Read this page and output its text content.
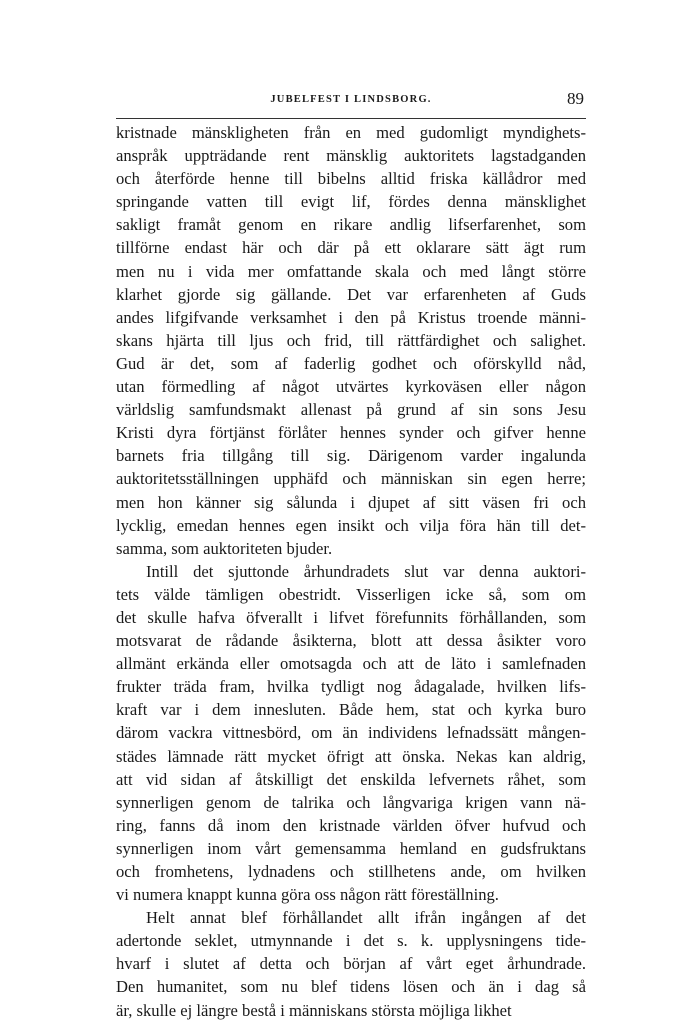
JUBELFEST I LINDSBORG.	89
kristnade mänskligheten från en med gudomligt myndighets-
anspråk uppträdande rent mänsklig auktoritets lagstadganden
och återförde henne till bibelns alltid friska källådror med
springande vatten till evigt lif, fördes denna mänsklighet
sakligt framåt genom en rikare andlig lifserfarenhet, som
tillförne endast här och där på ett oklarare sätt ägt rum
men nu i vida mer omfattande skala och med långt större
klarhet gjorde sig gällande. Det var erfarenheten af Guds
andes lifgifvande verksamhet i den på Kristus troende männi-
skans hjärta till ljus och frid, till rättfärdighet och salighet.
Gud är det, som af faderlig godhet och oförskylld nåd,
utan förmedling af något utvärtes kyrkoväsen eller någon
världslig samfundsmakt allenast på grund af sin sons Jesu
Kristi dyra förtjänst förlåter hennes synder och gifver henne
barnets fria tillgång till sig. Därigenom varder ingalunda
auktoritetsställningen upphäfd och människan sin egen herre;
men hon känner sig sålunda i djupet af sitt väsen fri och
lycklig, emedan hennes egen insikt och vilja föra hän till det-
samma, som auktoriteten bjuder.
Intill det sjuttonde århundradets slut var denna auktori-
tets välde tämligen obestridt. Visserligen icke så, som om
det skulle hafva öfverallt i lifvet förefunnits förhållanden, som
motsvarat de rådande åsikterna, blott att dessa åsikter voro
allmänt erkända eller omotsagda och att de läto i samlefnaden
frukter träda fram, hvilka tydligt nog ådagalade, hvilken lifs-
kraft var i dem innesluten. Både hem, stat och kyrka buro
därom vackra vittnesbörd, om än individens lefnadssätt mången-
städes lämnade rätt mycket öfrigt att önska. Nekas kan aldrig,
att vid sidan af åtskilligt det enskilda lefvernets råhet, som
synnerligen genom de talrika och långvariga krigen vann nä-
ring, fanns då inom den kristnade världen öfver hufvud och
synnerligen inom vårt gemensamma hemland en gudsfruktans
och fromhetens, lydnadens och stillhetens ande, om hvilken
vi numera knappt kunna göra oss någon rätt föreställning.
Helt annat blef förhållandet allt ifrån ingången af det
adertonde seklet, utmynnande i det s. k. upplysningens tide-
hvarf i slutet af detta och början af vårt eget århundrade.
Den humanitet, som nu blef tidens lösen och än i dag så
är, skulle ej längre bestå i människans största möjliga likhet
